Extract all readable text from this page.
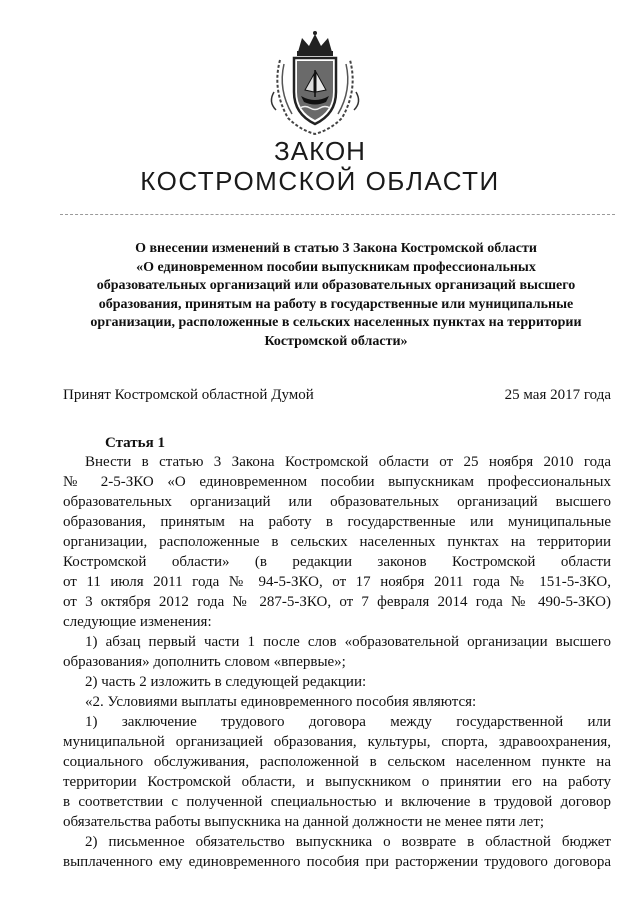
ЗАКОН
КОСТРОМСКОЙ ОБЛАСТИ

О внесении изменений в статью 3 Закона Костромской области
«О единовременном пособии выпускникам профессиональных
образовательных организаций или образовательных организаций высшего
образования, принятым на работу в государственные или муниципальные
организации, расположенные в сельских населенных пунктах на территории
Костромской области»

Принят Костромской областной Думой	25 мая 2017 года
Статья 1
Внести в статью 3 Закона Костромской области от 25 ноября 2010 года
№ 2-5-ЗКО «О единовременном пособии выпускникам профессиональных
образовательных организаций или образовательных организаций высшего
образования, принятым на работу в государственные или муниципальные
организации, расположенные в сельских населенных пунктах на территории
Костромской области» (в редакции законов Костромской области
от 11 июля 2011 года № 94-5-ЗКО, от 17 ноября 2011 года № 151-5-ЗКО,
от 3 октября 2012 года № 287-5-ЗКО, от 7 февраля 2014 года № 490-5-ЗКО)
следующие изменения:
1) абзац первый части 1 после слов «образовательной организации высшего
образования» дополнить словом «впервые»;
2) часть 2 изложить в следующей редакции:
«2. Условиями выплаты единовременного пособия являются:
1) заключение трудового договора между государственной или
муниципальной организацией образования, культуры, спорта, здравоохранения,
социального обслуживания, расположенной в сельском населенном пункте на
территории Костромской области, и выпускником о принятии его на работу
в соответствии с полученной специальностью и включение в трудовой договор
обязательства работы выпускника на данной должности не менее пяти лет;
2) письменное обязательство выпускника о возврате в областной бюджет
выплаченного ему единовременного пособия при расторжении трудового договора
